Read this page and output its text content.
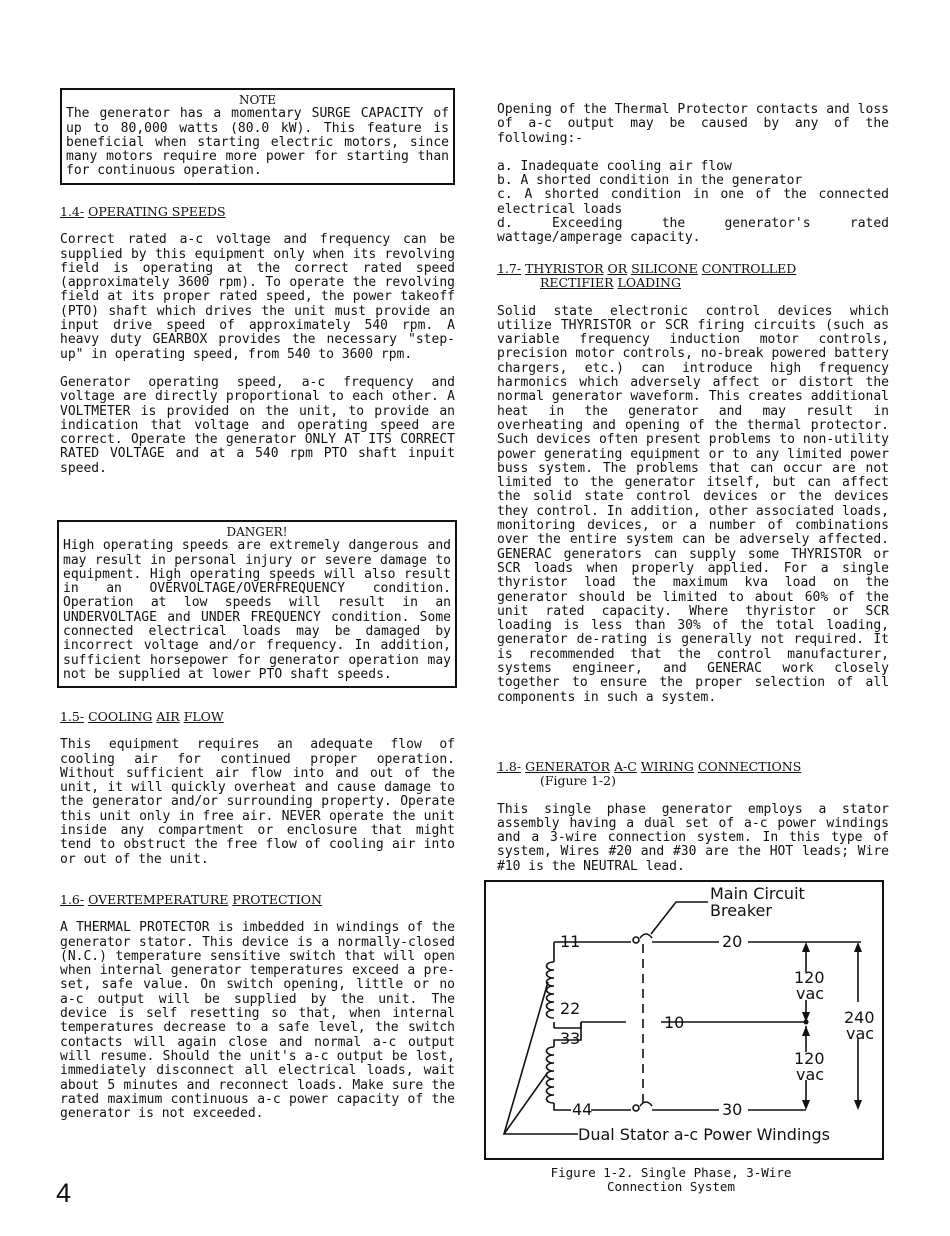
NOTE

The generator has a momentary SURGE CAPACITY of up to 80,000 watts (80.0 kW). This feature is beneficial when starting electric motors, since many motors require more power for starting than for continuous operation.

1.4- OPERATING SPEEDS

Correct rated a-c voltage and frequency can be supplied by this equipment only when its revolving field is operating at the correct rated speed (approximately 3600 rpm). To operate the revolving field at its proper rated speed, the power takeoff (PTO) shaft which drives the unit must provide an input drive speed of approximately 540 rpm. A heavy duty GEARBOX provides the necessary "step-up" in operating speed, from 540 to 3600 rpm.

Generator operating speed, a-c frequency and voltage are directly proportional to each other. A VOLTMETER is provided on the unit, to provide an indication that voltage and operating speed are correct. Operate the generator ONLY AT ITS CORRECT RATED VOLTAGE and at a 540 rpm PTO shaft inpuit speed.

DANGER!

High operating speeds are extremely dangerous and may result in personal injury or severe damage to equipment. High operating speeds will also result in an OVERVOLTAGE/OVERFREQUENCY condition. Operation at low speeds will result in an UNDERVOLTAGE and UNDER FREQUENCY condition. Some connected electrical loads may be damaged by incorrect voltage and/or frequency. In addition, sufficient horsepower for generator operation may not be supplied at lower PTO shaft speeds.

1.5- COOLING AIR FLOW

This equipment requires an adequate flow of cooling air for continued proper operation. Without sufficient air flow into and out of the unit, it will quickly overheat and cause damage to the generator and/or surrounding property. Operate this unit only in free air. NEVER operate the unit inside any compartment or enclosure that might tend to obstruct the free flow of cooling air into or out of the unit.

1.6- OVERTEMPERATURE PROTECTION

A THERMAL PROTECTOR is imbedded in windings of the generator stator. This device is a normally-closed (N.C.) temperature sensitive switch that will open when internal generator temperatures exceed a pre-set, safe value. On switch opening, little or no a-c output will be supplied by the unit. The device is self resetting so that, when internal temperatures decrease to a safe level, the switch contacts will again close and normal a-c output will resume. Should the unit's a-c output be lost, immediately disconnect all electrical loads, wait about 5 minutes and reconnect loads. Make sure the rated maximum continuous a-c power capacity of the generator is not exceeded.

Opening of the Thermal Protector contacts and loss of a-c output may be caused by any of the following:-

a. Inadequate cooling air flow

b. A shorted condition in the generator

c. A shorted condition in one of the connected electrical loads

d. Exceeding the generator's rated wattage/amperage capacity.

1.7- THYRISTOR OR SILICONE CONTROLLED
RECTIFIER LOADING

Solid state electronic control devices which utilize THYRISTOR or SCR firing circuits (such as variable frequency induction motor controls, precision motor controls, no-break powered battery chargers, etc.) can introduce high frequency harmonics which adversely affect or distort the normal generator waveform. This creates additional heat in the generator and may result in overheating and opening of the thermal protector. Such devices often present problems to non-utility power generating equipment or to any limited power buss system. The problems that can occur are not limited to the generator itself, but can affect the solid state control devices or the devices they control. In addition, other associated loads, monitoring devices, or a number of combinations over the entire system can be adversely affected. GENERAC generators can supply some THYRISTOR or SCR loads when properly applied. For a single thyristor load the maximum kva load on the generator should be limited to about 60% of the unit rated capacity. Where thyristor or SCR loading is less than 30% of the total loading, generator de-rating is generally not required. It is recommended that the control manufacturer, systems engineer, and GENERAC work closely together to ensure the proper selection of all components in such a system.

1.8- GENERATOR A-C WIRING CONNECTIONS
(Figure 1-2)

This single phase generator employs a stator assembly having a dual set of a-c power windings and a 3-wire connection system. In this type of system, Wires #20 and #30 are the HOT leads; Wire #10 is the NEUTRAL lead.

Main Circuit
Breaker
11	20
22
33
10
44	30
120
vac
120
vac
240
vac
Dual Stator a-c Power Windings
Figure 1-2. Single Phase, 3-Wire
Connection System
4
